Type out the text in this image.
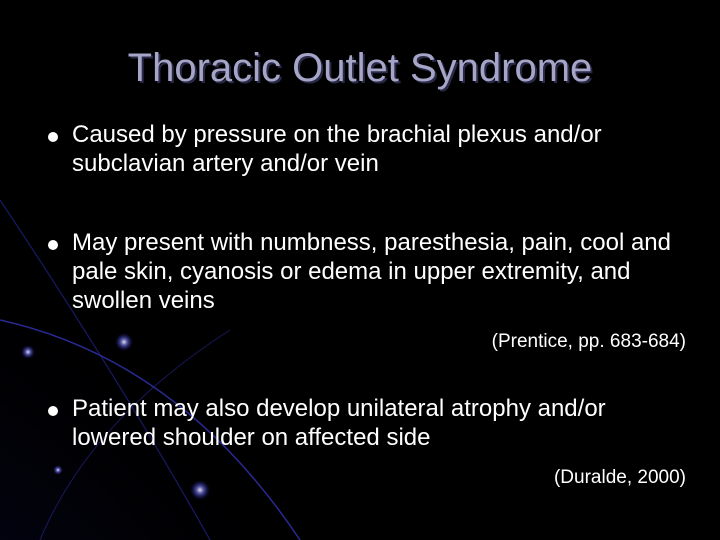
Thoracic Outlet Syndrome
Caused by pressure on the brachial plexus and/or subclavian artery and/or vein
May present with numbness, paresthesia, pain, cool and pale skin, cyanosis or edema in upper extremity, and swollen veins
(Prentice, pp. 683-684)
Patient may also develop unilateral atrophy and/or lowered shoulder on affected side
(Duralde, 2000)
